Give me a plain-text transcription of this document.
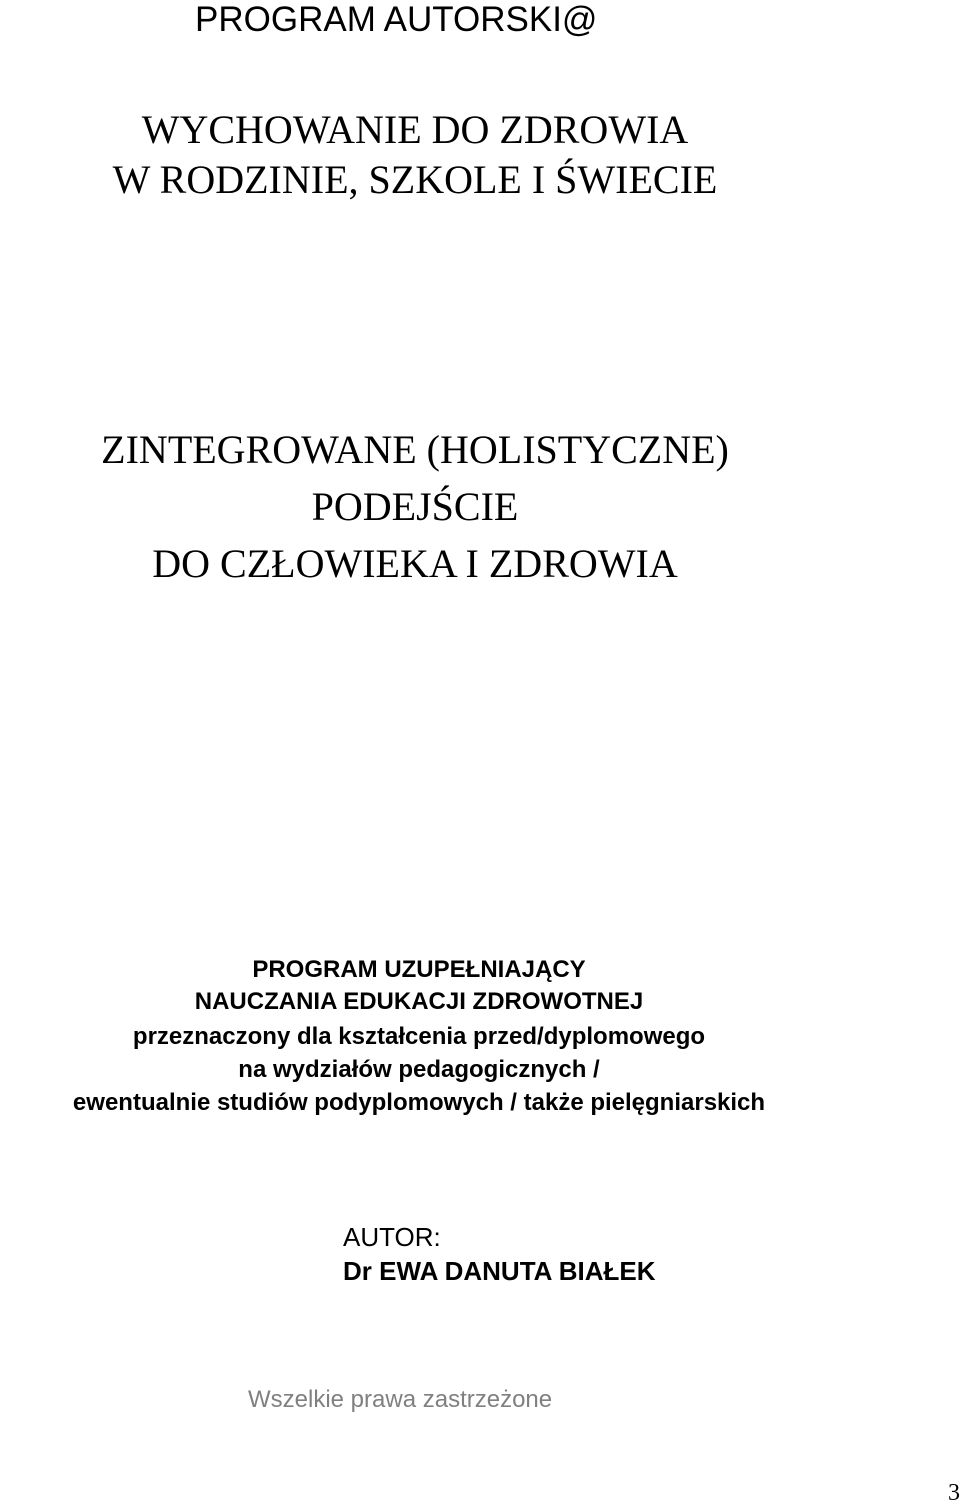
PROGRAM AUTORSKI@

WYCHOWANIE DO ZDROWIA

W RODZINIE, SZKOLE I ŚWIECIE

ZINTEGROWANE (HOLISTYCZNE)

PODEJŚCIE

DO CZŁOWIEKA I ZDROWIA

PROGRAM UZUPEŁNIAJĄCY

NAUCZANIA EDUKACJI ZDROWOTNEJ

przeznaczony dla kształcenia przed/dyplomowego

na wydziałów pedagogicznych /

ewentualnie studiów podyplomowych / także pielęgniarskich

AUTOR:

Dr EWA DANUTA BIAŁEK

Wszelkie prawa zastrzeżone

3
